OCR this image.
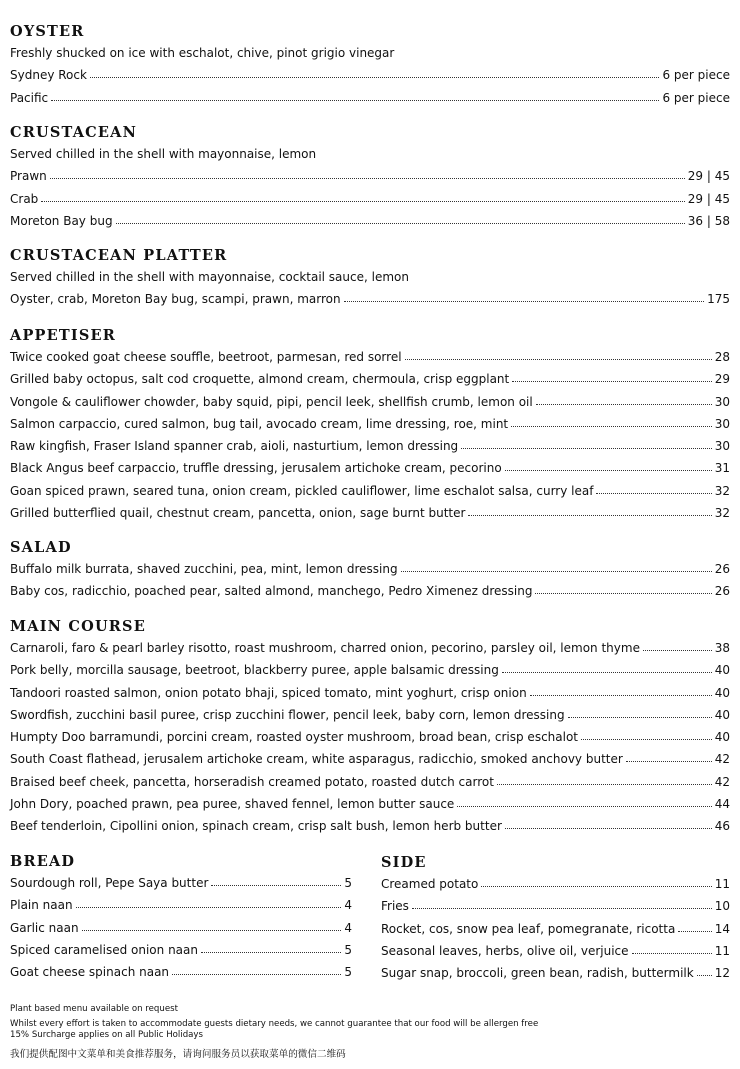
OYSTER
Freshly shucked on ice with eschalot, chive, pinot grigio vinegar
Sydney Rock	6 per piece
Pacific	6 per piece
CRUSTACEAN
Served chilled in the shell with mayonnaise, lemon
Prawn	29 | 45
Crab	29 | 45
Moreton Bay bug	36 | 58
CRUSTACEAN PLATTER
Served chilled in the shell with mayonnaise, cocktail sauce, lemon
Oyster, crab, Moreton Bay bug, scampi, prawn, marron	175
APPETISER
Twice cooked goat cheese souffle, beetroot, parmesan, red sorrel	28
Grilled baby octopus, salt cod croquette, almond cream, chermoula, crisp eggplant	29
Vongole & cauliflower chowder, baby squid, pipi, pencil leek, shellfish crumb, lemon oil	30
Salmon carpaccio, cured salmon, bug tail, avocado cream, lime dressing, roe, mint	30
Raw kingfish, Fraser Island spanner crab, aioli, nasturtium, lemon dressing	30
Black Angus beef carpaccio, truffle dressing, jerusalem artichoke cream, pecorino	31
Goan spiced prawn, seared tuna, onion cream, pickled cauliflower, lime eschalot salsa, curry leaf	32
Grilled butterflied quail, chestnut cream, pancetta, onion, sage burnt butter	32
SALAD
Buffalo milk burrata, shaved zucchini, pea, mint, lemon dressing	26
Baby cos, radicchio, poached pear, salted almond, manchego, Pedro Ximenez dressing	26
MAIN COURSE
Carnaroli, faro & pearl barley risotto, roast mushroom, charred onion, pecorino, parsley oil, lemon thyme	38
Pork belly, morcilla sausage, beetroot, blackberry puree, apple balsamic dressing	40
Tandoori roasted salmon, onion potato bhaji, spiced tomato, mint yoghurt, crisp onion	40
Swordfish, zucchini basil puree, crisp zucchini flower, pencil leek, baby corn, lemon dressing	40
Humpty Doo barramundi, porcini cream, roasted oyster mushroom, broad bean, crisp eschalot	40
South Coast flathead, jerusalem artichoke cream, white asparagus, radicchio, smoked anchovy butter	42
Braised beef cheek, pancetta, horseradish creamed potato, roasted dutch carrot	42
John Dory, poached prawn, pea puree, shaved fennel, lemon butter sauce	44
Beef tenderloin, Cipollini onion, spinach cream, crisp salt bush, lemon herb butter	46
BREAD
Sourdough roll, Pepe Saya butter	5
Plain naan	4
Garlic naan	4
Spiced caramelised onion naan	5
Goat cheese spinach naan	5
SIDE
Creamed potato	11
Fries	10
Rocket, cos, snow pea leaf, pomegranate, ricotta	14
Seasonal leaves, herbs, olive oil, verjuice	11
Sugar snap, broccoli, green bean, radish, buttermilk 12
Plant based menu available on request
Whilst every effort is taken to accommodate guests dietary needs, we cannot guarantee that our food will be allergen free
15% Surcharge applies on all Public Holidays
我们提供配图中文菜单和美食推荐服务，请询问服务员以获取菜单的微信二维码
